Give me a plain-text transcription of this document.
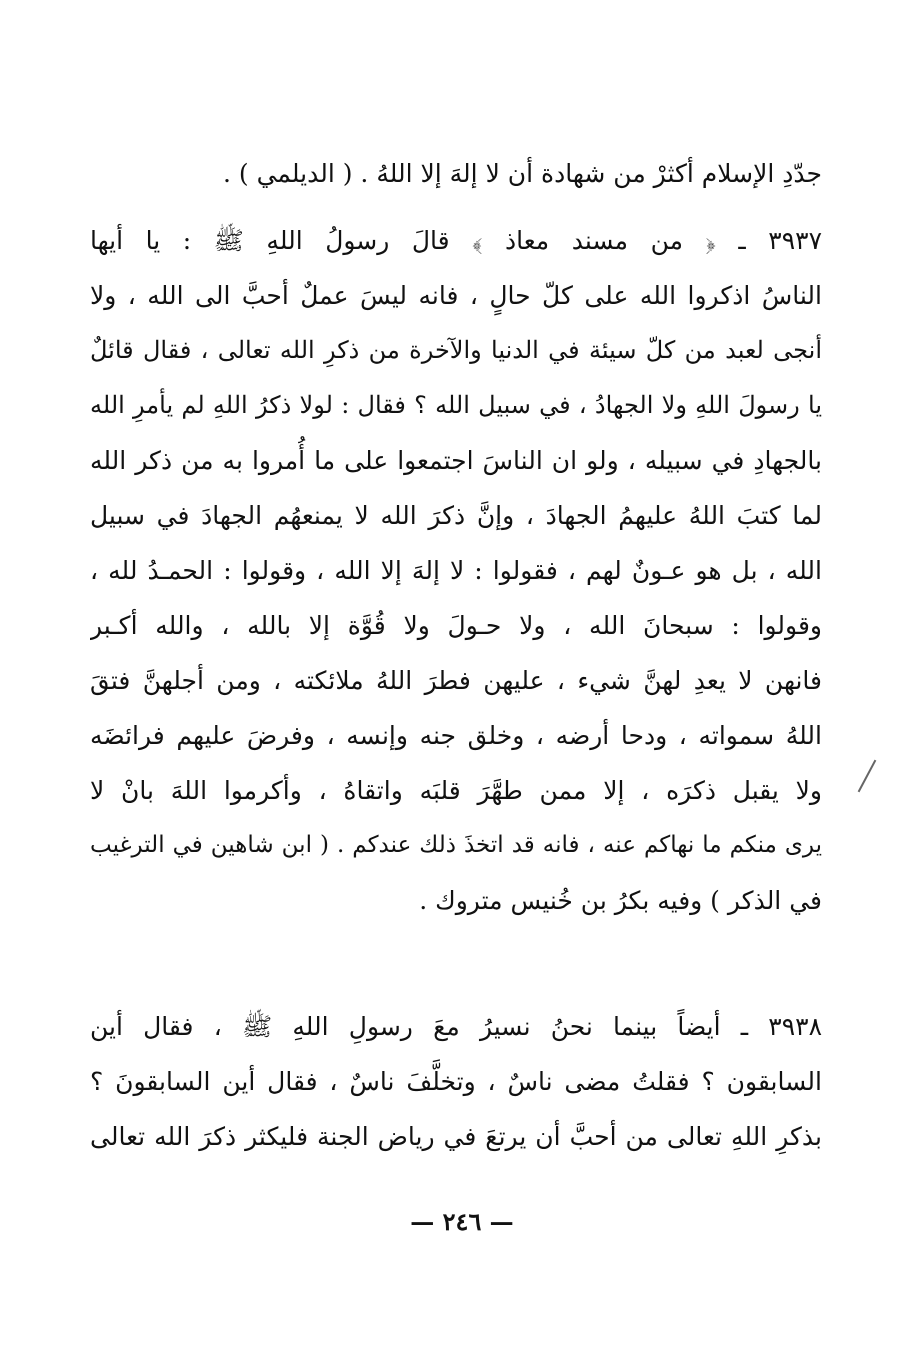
جدّدِ الإسلام أكثرْ من شهادة أن لا إلهَ إلا اللهُ . ( الديلمي ) .
٣٩٣٧ ـ ﴿ من مسند معاذ ﴾ قالَ رسولُ اللهِ ﷺ : يا أيها
الناسُ اذكروا الله على كلّ حالٍ ، فانه ليسَ عملٌ أحبَّ الى الله ، ولا
أنجى لعبد من كلّ سيئة في الدنيا والآخرة من ذكرِ الله تعالى ، فقال قائلٌ
يا رسولَ اللهِ ولا الجهادُ ، في سبيل الله ؟ فقال : لولا ذكرُ اللهِ لم يأمرِ الله
بالجهادِ في سبيله ، ولو ان الناسَ اجتمعوا على ما أُمروا به من ذكر الله
لما كتبَ اللهُ عليهمُ الجهادَ ، وإنَّ ذكرَ الله لا يمنعهُم الجهادَ في سبيل
الله ، بل هو عـونٌ لهم ، فقولوا : لا إلهَ إلا الله ، وقولوا : الحمـدُ لله ،
وقولوا : سبحانَ الله ، ولا حـولَ ولا قُوَّة إلا بالله ، والله أكـبر
فانهن لا يعدِ لهنَّ شيء ، عليهن فطرَ اللهُ ملائكته ، ومن أجلهنَّ فتقَ
اللهُ سمواته ، ودحا أرضه ، وخلق جنه وإنسه ، وفرضَ عليهم فرائضَه
ولا يقبل ذكرَه ، إلا ممن طهَّرَ قلبَه واتقاهُ ، وأكرموا اللهَ بانْ لا
يرى منكم ما نهاكم عنه ، فانه قد اتخذَ ذلك عندكم . ( ابن شاهين في الترغيب
في الذكر ) وفيه بكرُ بن خُنيس متروك .
٣٩٣٨ ـ أيضاً بينما نحنُ نسيرُ معَ رسولِ اللهِ ﷺ ، فقال أين
السابقون ؟ فقلتُ مضى ناسٌ ، وتخلَّفَ ناسٌ ، فقال أين السابقونَ ؟
بذكرِ اللهِ تعالى من أحبَّ أن يرتعَ في رياض الجنة فليكثر ذكرَ الله تعالى
— ٢٤٦ —
